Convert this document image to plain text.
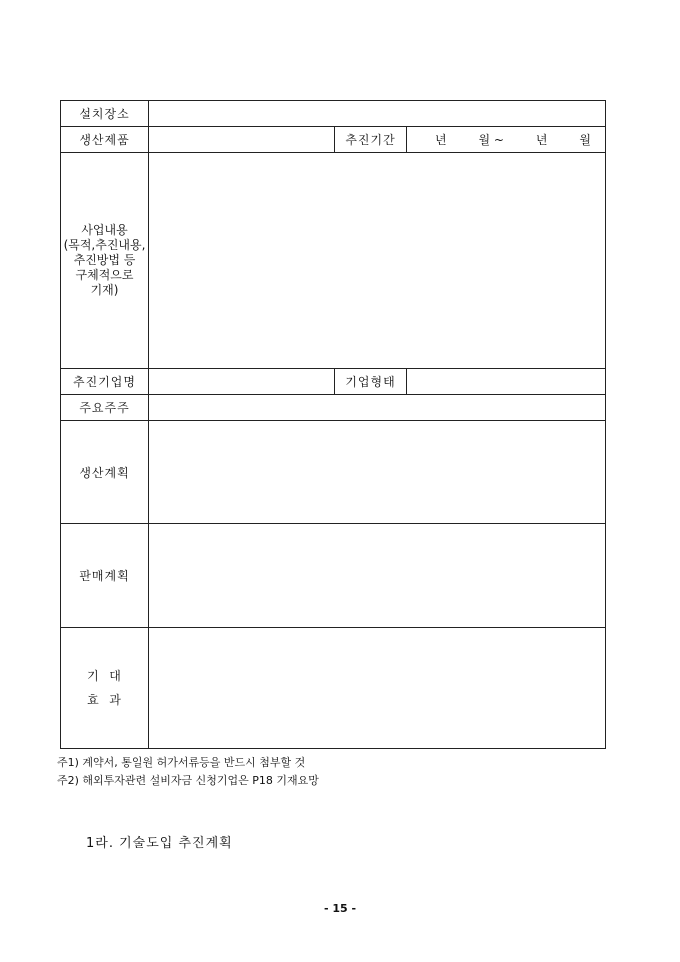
설치장소			
생산제품		추진기간	년 월 ~ 년 월

사업내용
(목적,추진내용,
추진방법 등
구체적으로
기재)			

추진기업명		기업형태	
주요주주			
생산계획			
판매계획			

기  대
효  과			

주1) 계약서, 통일원 허가서류등을 반드시 첨부할 것
주2) 해외투자관련 설비자금 신청기업은 P18 기재요망
1라. 기술도입 추진계획
- 15 -
